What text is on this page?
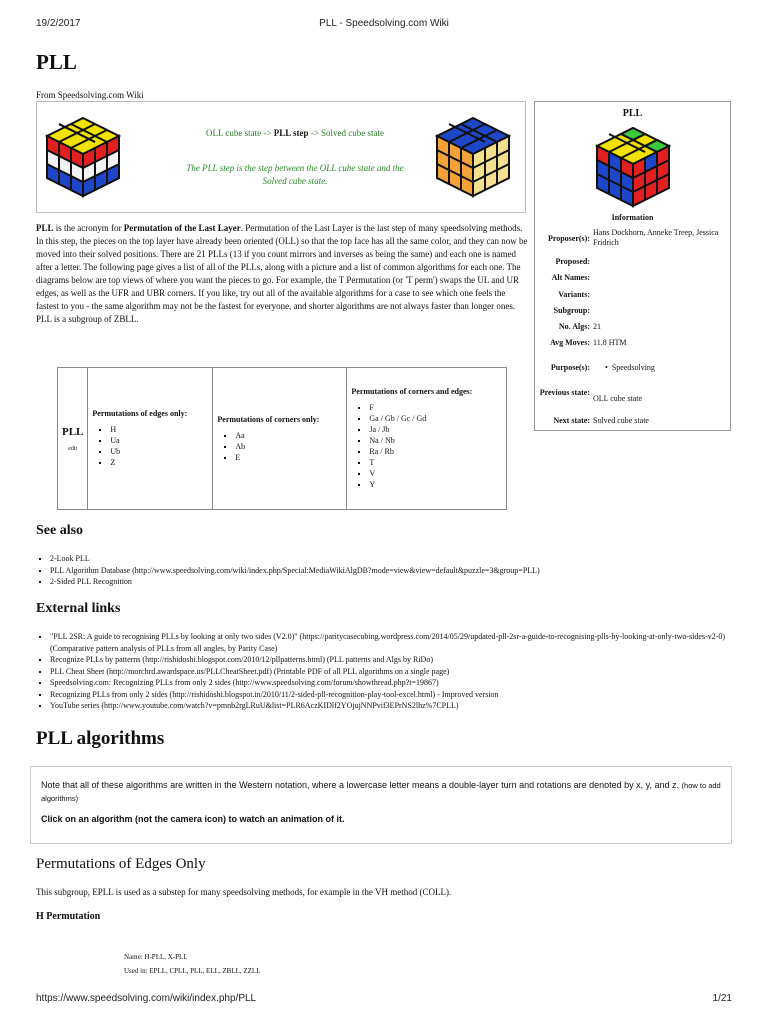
19/2/2017	PLL - Speedsolving.com Wiki
PLL
From Speedsolving.com Wiki
OLL cube state -> PLL step -> Solved cube state
The PLL step is the step between the OLL cube state and the Solved cube state.
PLL
Information
Proposer(s):
Hans Dockhorn, Anneke Treep, Jessica Fridrich
Proposed:
Alt Names:
Variants:
Subgroup:
No. Algs: 21
Avg Moves: 11.8 HTM
Purpose(s): •  Speedsolving
Previous state:
OLL cube state
Next state: Solved cube state
PLL is the acronym for Permutation of the Last Layer. Permutation of the Last Layer is the last step of many speedsolving methods. In this step, the pieces on the top layer have already been oriented (OLL) so that the top face has all the same color, and they can now be moved into their solved positions. There are 21 PLLs (13 if you count mirrors and inverses as being the same) and each one is named after a letter. The following page gives a list of all of the PLLs, along with a picture and a list of common algorithms for each one. The diagrams below are top views of where you want the pieces to go. For example, the T Permutation (or 'T perm') swaps the UL and UR edges, as well as the UFR and UBR corners. If you like, try out all of the available algorithms for a case to see which one feels the fastest to you - the same algorithm may not be the fastest for everyone, and shorter algorithms are not always faster than longer ones. PLL is a subgroup of ZBLL.
PLL
edit

Permutations of edges only:
▪ H
▪ Ua
▪ Ub
▪ Z

Permutations of corners only:
▪ Aa
▪ Ab
▪ E

Permutations of corners and edges:
▪ F
▪ Ga / Gb / Gc / Gd
▪ Ja / Jb
▪ Na / Nb
▪ Ra / Rb
▪ T
▪ V
▪ Y
See also
▪ 2-Look PLL
▪ PLL Algorithm Database (http://www.speedsolving.com/wiki/index.php/Special:MediaWikiAlgDB?mode=view&view=default&puzzle=3&group=PLL)
▪ 2-Sided PLL Recognition
External links
▪ "PLL 2SR: A guide to recognising PLLs by looking at only two sides (V2.0)" (https://paritycasecubing.wordpress.com/2014/05/29/updated-pll-2sr-a-guide-to-recognising-plls-by-looking-at-only-two-sides-v2-0) (Comparative pattern analysis of PLLs from all angles, by Parity Case)
▪ Recognize PLLs by patterns (http://rishidoshi.blogspot.com/2010/12/pllpatterns.html) (PLL patterns and Algs by RiDo)
▪ PLL Cheat Sheet (http://morchrd.awardspace.us/PLLCheatSheet.pdf) (Printable PDF of all PLL algorithms on a single page)
▪ Speedsolving.com: Recognizing PLLs from only 2 sides (http://www.speedsolving.com/forum/showthread.php?t=19867)
▪ Recognizing PLLs from only 2 sides (http://rishidoshi.blogspot.in/2010/11/2-sided-pll-recognition-play-tool-excel.html) - Improved version
▪ YouTube series (http://www.youtube.com/watch?v=pmnb2rgLRuU&list=PLR6AczKIDlf2YOjujNNPvif3EPrNS2lhz%7CPLL)
PLL algorithms
Note that all of these algorithms are written in the Western notation, where a lowercase letter means a double-layer turn and rotations are denoted by x, y, and z. (how to add algorithms)
Click on an algorithm (not the camera icon) to watch an animation of it.
Permutations of Edges Only
This subgroup, EPLL is used as a substep for many speedsolving methods, for example in the VH method (COLL).
H Permutation
Name: H-PLL, X-PLL
Used in: EPLL, CPLL, PLL, ELL, ZBLL, ZZLL
https://www.speedsolving.com/wiki/index.php/PLL	1/21
